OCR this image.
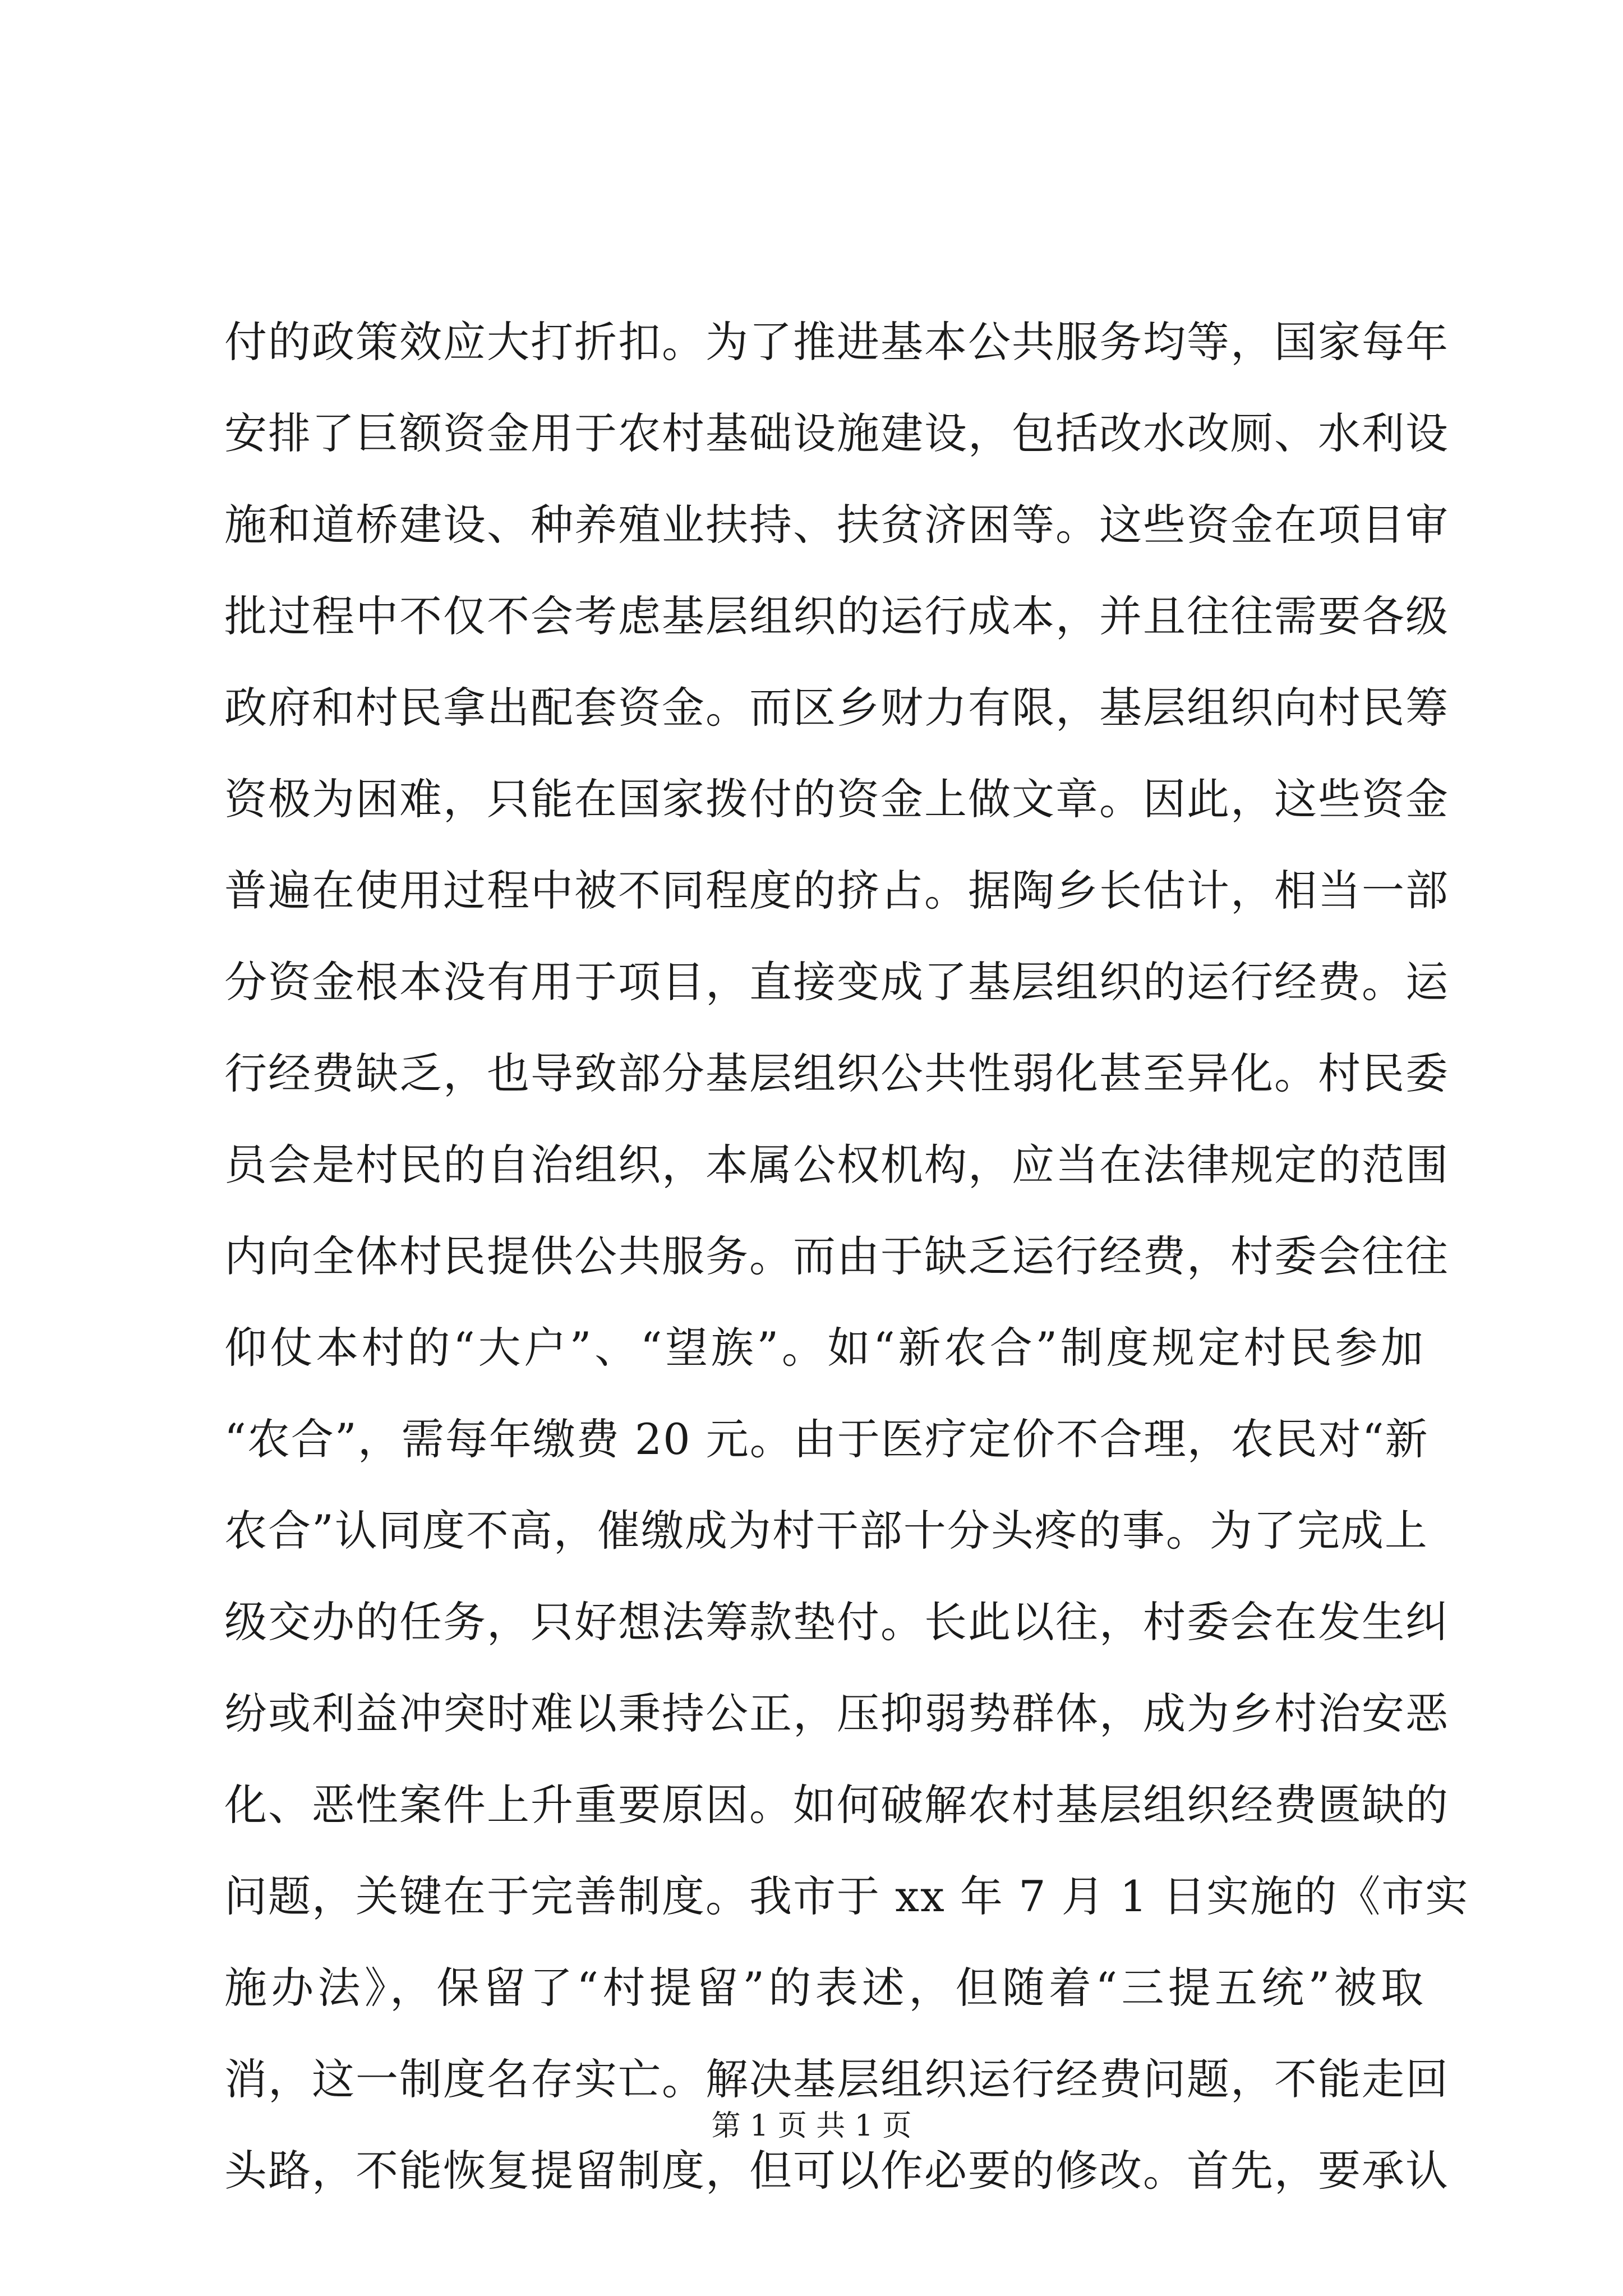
付的政策效应大打折扣。为了推进基本公共服务均等，国家每年
安排了巨额资金用于农村基础设施建设，包括改水改厕、水利设
施和道桥建设、种养殖业扶持、扶贫济困等。这些资金在项目审
批过程中不仅不会考虑基层组织的运行成本，并且往往需要各级
政府和村民拿出配套资金。而区乡财力有限，基层组织向村民筹
资极为困难，只能在国家拨付的资金上做文章。因此，这些资金
普遍在使用过程中被不同程度的挤占。据陶乡长估计，相当一部
分资金根本没有用于项目，直接变成了基层组织的运行经费。运
行经费缺乏，也导致部分基层组织公共性弱化甚至异化。村民委
员会是村民的自治组织，本属公权机构，应当在法律规定的范围
内向全体村民提供公共服务。而由于缺乏运行经费，村委会往往
仰仗本村的“大户”、“望族”。如“新农合”制度规定村民参加
“农合”，需每年缴费 20 元。由于医疗定价不合理，农民对“新
农合”认同度不高，催缴成为村干部十分头疼的事。为了完成上
级交办的任务，只好想法筹款垫付。长此以往，村委会在发生纠
纷或利益冲突时难以秉持公正，压抑弱势群体，成为乡村治安恶
化、恶性案件上升重要原因。如何破解农村基层组织经费匮缺的
问题，关键在于完善制度。我市于 xx 年 7 月 1 日实施的《市实
施办法》，保留了“村提留”的表述，但随着“三提五统”被取
消，这一制度名存实亡。解决基层组织运行经费问题，不能走回
头路，不能恢复提留制度，但可以作必要的修改。首先，要承认
第 1 页 共 1 页
